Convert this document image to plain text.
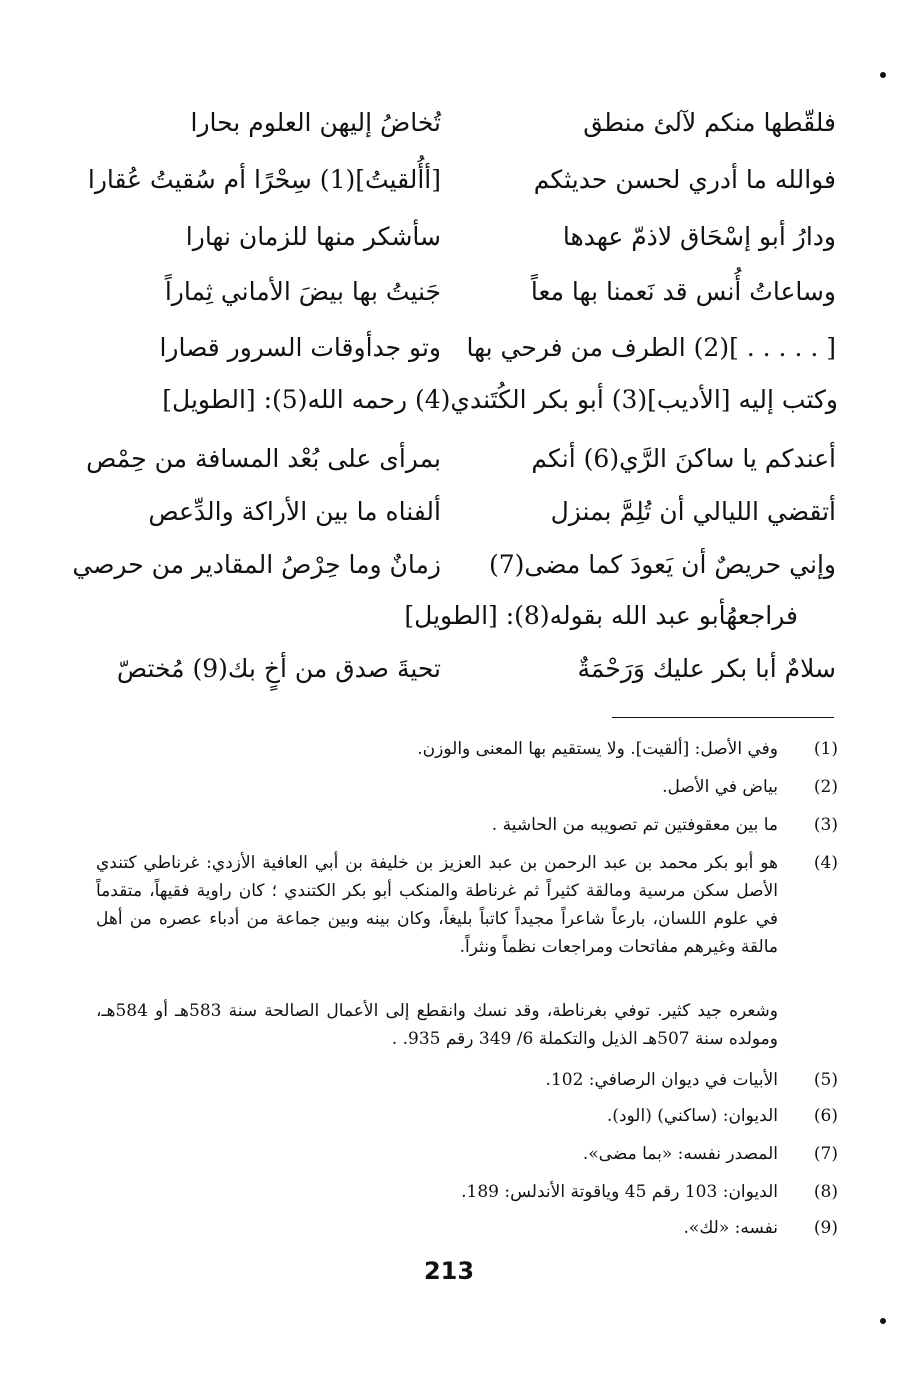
فلقّطها منكم لآلئ منطق
تُخاضُ إليهن العلوم بحارا
فوالله ما أدري لحسن حديثكم
[أأُلقيتُ](1) سِحْرًا أم سُقيتُ عُقارا
ودارُ أبو إسْحَاق لاذمّ عهدها
سأشكر منها للزمان نهارا
وساعاتُ أُنس قد نَعمنا بها معاً
جَنيتُ بها بيضَ الأماني ثِماراً
[ . . . . . ](2) الطرف من فرحي بها
وتو جدأوقات السرور قصارا
وكتب إليه [الأديب](3) أبو بكر الكُتَندي(4) رحمه الله(5): [الطويل]
أعندكم يا ساكنَ الرَّي(6) أنكم
بمرأى على بُعْد المسافة من حِمْص
أتقضي الليالي أن تُلِمَّ بمنزل
ألفناه ما بين الأراكة والدِّعص
وإني حريصٌ أن يَعودَ كما مضى(7)
زمانٌ وما حِرْصُ المقادير من حرصي
فراجعهُأبو عبد الله بقوله(8): [الطويل]
سلامٌ أبا بكر عليك وَرَحْمَةٌ
تحيةَ صدق من أخٍ بك(9) مُختصّ
(1)
وفي الأصل: [ألقيت]. ولا يستقيم بها المعنى والوزن.
(2)
بياض في الأصل.
(3)
ما بين معقوفتين تم تصويبه من الحاشية .
(4)
هو أبو بكر محمد بن عبد الرحمن بن عبد العزيز بن خليفة بن أبي العافية الأزدي: غرناطي كتندي الأصل سكن مرسية ومالقة كثيراً ثم غرناطة والمنكب أبو بكر الكتندي ؛ كان راوية فقيهاً، متقدماً في علوم اللسان، بارعاً شاعراً مجيداً كاتباً بليغاً، وكان بينه وبين جماعة من أدباء عصره من أهل مالقة وغيرهم مفاتحات ومراجعات نظماً ونثراً.
وشعره جيد كثير. توفي بغرناطة، وقد نسك وانقطع إلى الأعمال الصالحة سنة 583هـ أو 584هـ، ومولده سنة 507هـ الذيل والتكملة 6/ 349 رقم 935. .
(5)
الأبيات في ديوان الرصافي: 102.
(6)
الديوان: (ساكني) (الود).
(7)
المصدر نفسه: «بما مضى».
(8)
الديوان: 103 رقم 45 وياقوتة الأندلس: 189.
(9)
نفسه: «لك».
213
